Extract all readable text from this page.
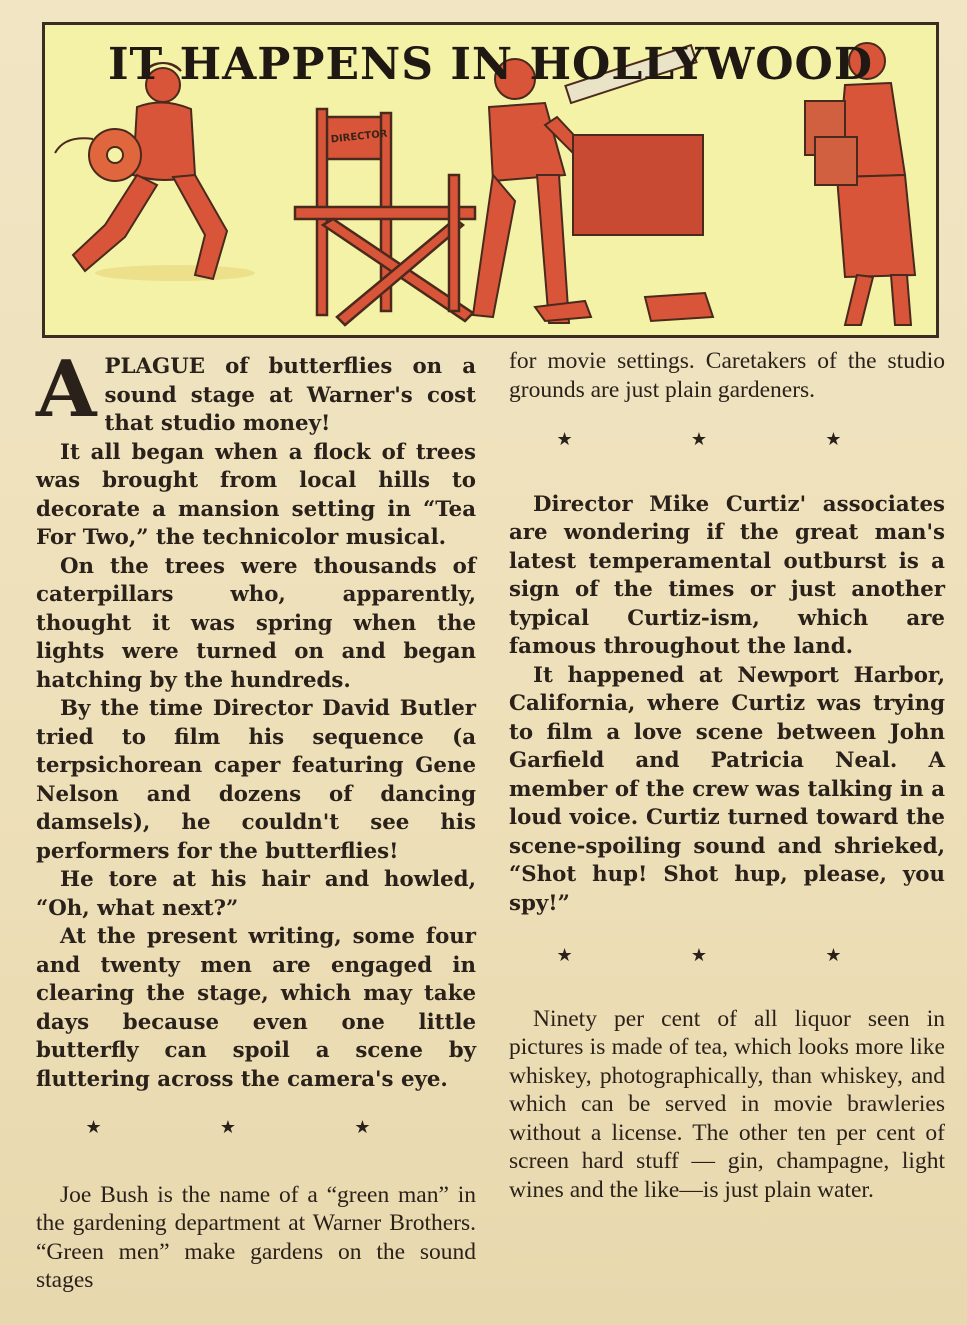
DIRECTOR
IT HAPPENS IN HOLLYWOOD

APLAGUE of butterflies on a sound stage at Warner's cost that studio money!

It all began when a flock of trees was brought from local hills to decorate a mansion setting in “Tea For Two,” the technicolor musical.

On the trees were thousands of caterpillars who, apparently, thought it was spring when the lights were turned on and began hatching by the hundreds.

By the time Director David Butler tried to film his sequence (a terpsichorean caper featuring Gene Nelson and dozens of dancing damsels), he couldn't see his performers for the butterflies!

He tore at his hair and howled, “Oh, what next?”

At the present writing, some four and twenty men are engaged in clearing the stage, which may take days because even one little butterfly can spoil a scene by fluttering across the camera's eye.

★ ★ ★

Joe Bush is the name of a “green man” in the gardening department at Warner Brothers. “Green men” make gardens on the sound stages

for movie settings. Caretakers of the studio grounds are just plain gardeners.

★ ★ ★

Director Mike Curtiz' associates are wondering if the great man's latest temperamental outburst is a sign of the times or just another typical Curtiz-ism, which are famous throughout the land.

It happened at Newport Harbor, California, where Curtiz was trying to film a love scene between John Garfield and Patricia Neal. A member of the crew was talking in a loud voice. Curtiz turned toward the scene-spoiling sound and shrieked, “Shot hup! Shot hup, please, you spy!”

★ ★ ★

Ninety per cent of all liquor seen in pictures is made of tea, which looks more like whiskey, photographically, than whiskey, and which can be served in movie brawleries without a license. The other ten per cent of screen hard stuff — gin, champagne, light wines and the like—is just plain water.
